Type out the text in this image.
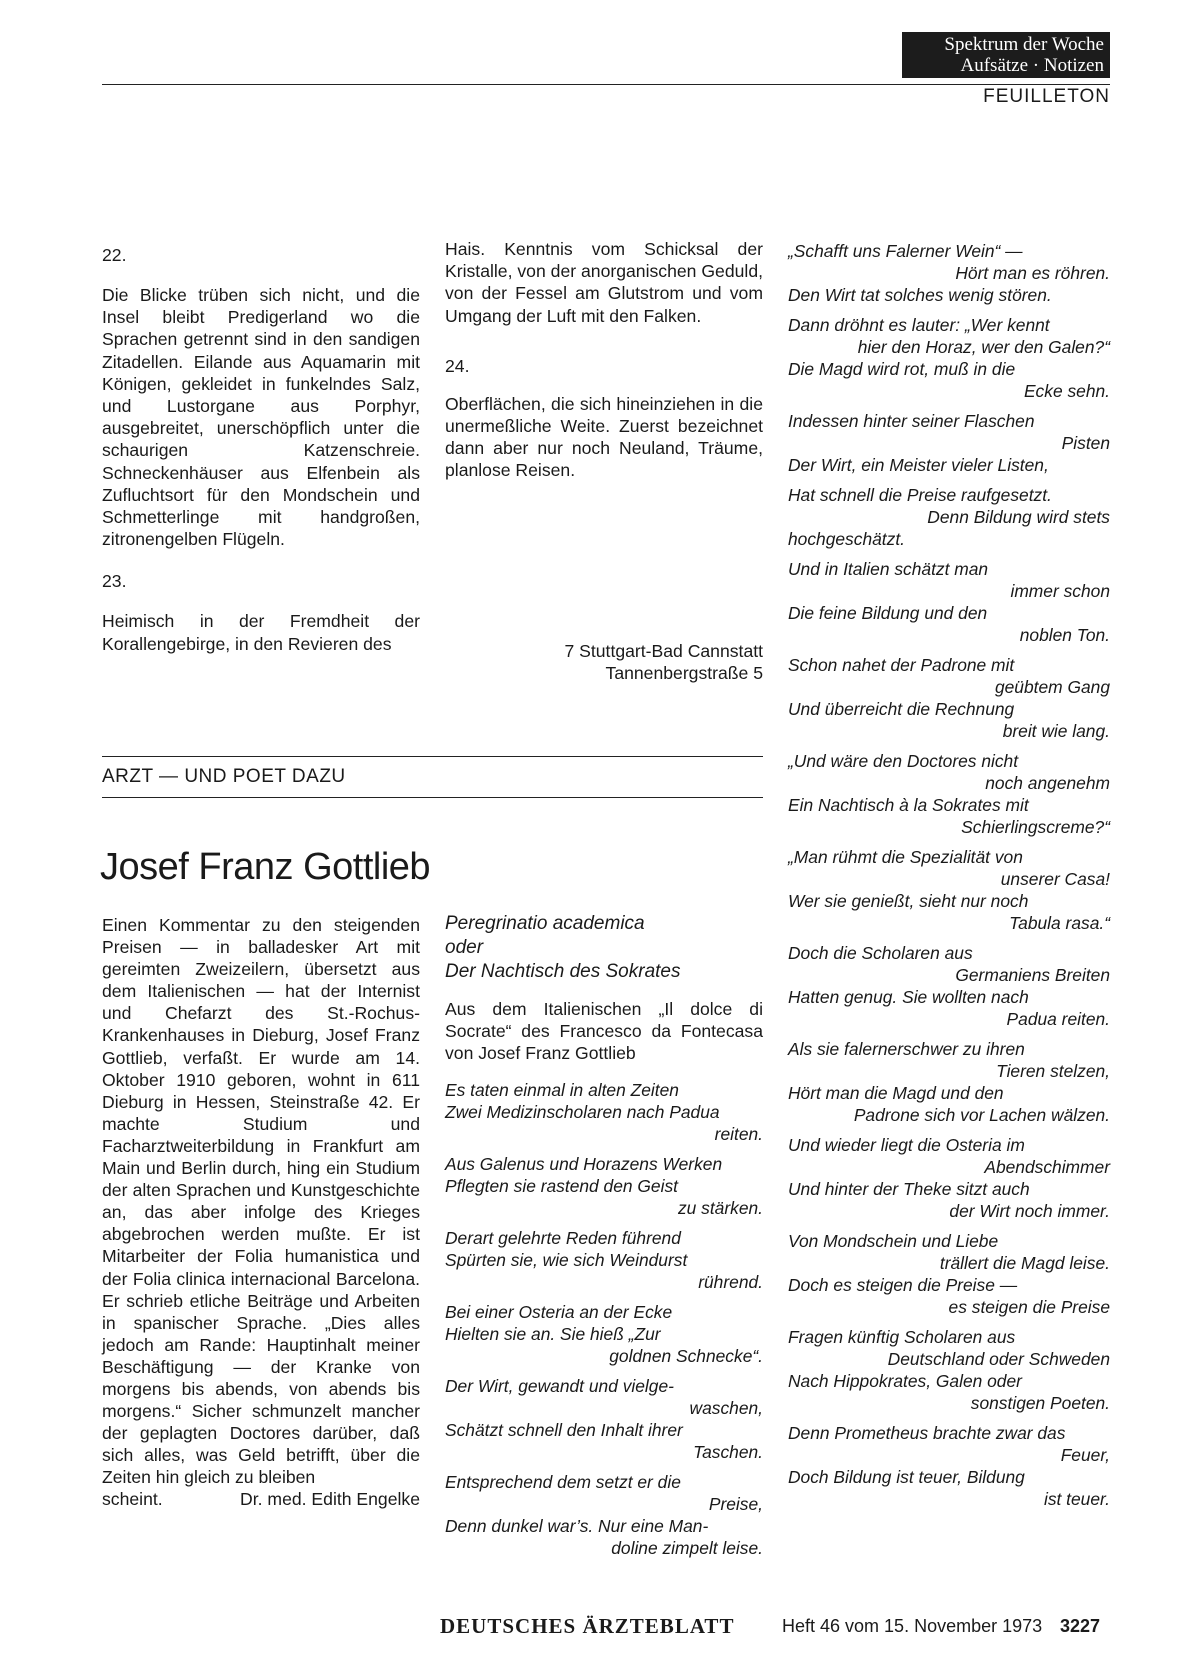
Spektrum der Woche
Aufsätze · Notizen
FEUILLETON
22.

Die Blicke trüben sich nicht, und die Insel bleibt Predigerland wo die Sprachen getrennt sind in den sandigen Zitadellen. Eilande aus Aquamarin mit Königen, gekleidet in funkelndes Salz, und Lustorgane aus Porphyr, ausgebreitet, unerschöpflich unter die schaurigen Katzenschreie. Schneckenhäuser aus Elfenbein als Zufluchtsort für den Mondschein und Schmetterlinge mit handgroßen, zitronengelben Flügeln.

23.

Heimisch in der Fremdheit der Korallengebirge, in den Revieren des

Hais. Kenntnis vom Schicksal der Kristalle, von der anorganischen Geduld, von der Fessel am Glutstrom und vom Umgang der Luft mit den Falken.

24.

Oberflächen, die sich hineinziehen in die unermeßliche Weite. Zuerst bezeichnet dann aber nur noch Neuland, Träume, planlose Reisen.

7 Stuttgart-Bad Cannstatt
Tannenbergstraße 5
ARZT — UND POET DAZU
Josef Franz Gottlieb

Einen Kommentar zu den steigenden Preisen — in balladesker Art mit gereimten Zweizeilern, übersetzt aus dem Italienischen — hat der Internist und Chefarzt des St.-Rochus-Krankenhauses in Dieburg, Josef Franz Gottlieb, verfaßt. Er wurde am 14. Oktober 1910 geboren, wohnt in 611 Dieburg in Hessen, Steinstraße 42. Er machte Studium und Facharztweiterbildung in Frankfurt am Main und Berlin durch, hing ein Studium der alten Sprachen und Kunstgeschichte an, das aber infolge des Krieges abgebrochen werden mußte. Er ist Mitarbeiter der Folia humanistica und der Folia clinica internacional Barcelona. Er schrieb etliche Beiträge und Arbeiten in spanischer Sprache. „Dies alles jedoch am Rande: Hauptinhalt meiner Beschäftigung — der Kranke von morgens bis abends, von abends bis morgens.“ Sicher schmunzelt mancher der geplagten Doctores darüber, daß sich alles, was Geld betrifft, über die Zeiten hin gleich zu bleiben

scheint.	Dr. med. Edith Engelke
Peregrinatio academica
oder
Der Nachtisch des Sokrates

Aus dem Italienischen „Il dolce di Socrate“ des Francesco da Fontecasa von Josef Franz Gottlieb

Es taten einmal in alten Zeiten
Zwei Medizinscholaren nach Padua
reiten.
Aus Galenus und Horazens Werken
Pflegten sie rastend den Geist
zu stärken.
Derart gelehrte Reden führend
Spürten sie, wie sich Weindurst
rührend.
Bei einer Osteria an der Ecke
Hielten sie an. Sie hieß „Zur
goldnen Schnecke“.
Der Wirt, gewandt und vielge-
waschen,
Schätzt schnell den Inhalt ihrer
Taschen.
Entsprechend dem setzt er die
Preise,
Denn dunkel war’s. Nur eine Man-
doline zimpelt leise.
„Schafft uns Falerner Wein“ —
Hört man es röhren.
Den Wirt tat solches wenig stören.
Dann dröhnt es lauter: „Wer kennt
hier den Horaz, wer den Galen?“
Die Magd wird rot, muß in die
Ecke sehn.
Indessen hinter seiner Flaschen
Pisten
Der Wirt, ein Meister vieler Listen,
Hat schnell die Preise raufgesetzt.
Denn Bildung wird stets
hochgeschätzt.
Und in Italien schätzt man
immer schon
Die feine Bildung und den
noblen Ton.
Schon nahet der Padrone mit
geübtem Gang
Und überreicht die Rechnung
breit wie lang.
„Und wäre den Doctores nicht
noch angenehm
Ein Nachtisch à la Sokrates mit
Schierlingscreme?“
„Man rühmt die Spezialität von
unserer Casa!
Wer sie genießt, sieht nur noch
Tabula rasa.“
Doch die Scholaren aus
Germaniens Breiten
Hatten genug. Sie wollten nach
Padua reiten.
Als sie falernerschwer zu ihren
Tieren stelzen,
Hört man die Magd und den
Padrone sich vor Lachen wälzen.
Und wieder liegt die Osteria im
Abendschimmer
Und hinter der Theke sitzt auch
der Wirt noch immer.
Von Mondschein und Liebe
trällert die Magd leise.
Doch es steigen die Preise —
es steigen die Preise
Fragen künftig Scholaren aus
Deutschland oder Schweden
Nach Hippokrates, Galen oder
sonstigen Poeten.
Denn Prometheus brachte zwar das
Feuer,
Doch Bildung ist teuer, Bildung
ist teuer.
DEUTSCHES ÄRZTEBLATT	Heft 46 vom 15. November 1973 3227
